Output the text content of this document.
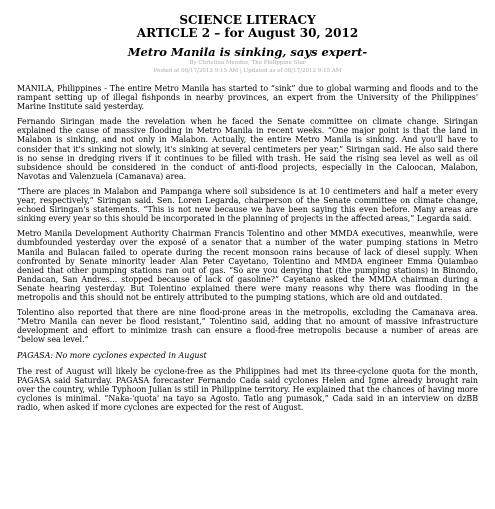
SCIENCE LITERACY
ARTICLE 2 – for August 30, 2012
Metro Manila is sinking, says expert-
By Christina Mendez, The Philippine Star
Posted at 08/17/2012 9:15 AM | Updated as of 08/17/2012 9:15 AM

MANILA, Philippines - The entire Metro Manila has started to “sink” due to global warming and floods and to the rampant setting up of illegal fishponds in nearby provinces, an expert from the University of the Philippines' Marine Institute said yesterday.

Fernando Siringan made the revelation when he faced the Senate committee on climate change. Siringan explained the cause of massive flooding in Metro Manila in recent weeks. “One major point is that the land in Malabon is sinking, and not only in Malabon. Actually, the entire Metro Manila is sinking. And you'll have to consider that it's sinking not slowly, it's sinking at several centimeters per year,” Siringan said. He also said there is no sense in dredging rivers if it continues to be filled with trash. He said the rising sea level as well as oil subsidence should be considered in the conduct of anti-flood projects, especially in the Caloocan, Malabon, Navotas and Valenzuela (Camanava) area.

“There are places in Malabon and Pampanga where soil subsidence is at 10 centimeters and half a meter every year, respectively,” Siringan said. Sen. Loren Legarda, chairperson of the Senate committee on climate change, echoed Siringan's statements. “This is not new because we have been saying this even before. Many areas are sinking every year so this should be incorporated in the planning of projects in the affected areas,” Legarda said.

Metro Manila Development Authority Chairman Francis Tolentino and other MMDA executives, meanwhile, were dumbfounded yesterday over the exposé of a senator that a number of the water pumping stations in Metro Manila and Bulacan failed to operate during the recent monsoon rains because of lack of diesel supply. When confronted by Senate minority leader Alan Peter Cayetano, Tolentino and MMDA engineer Emma Quiambao denied that other pumping stations ran out of gas. “So are you denying that (the pumping stations) in Binondo, Pandacan, San Andres... stopped because of lack of gasoline?” Cayetano asked the MMDA chairman during a Senate hearing yesterday. But Tolentino explained there were many reasons why there was flooding in the metropolis and this should not be entirely attributed to the pumping stations, which are old and outdated.

Tolentino also reported that there are nine flood-prone areas in the metropolis, excluding the Camanava area. “Metro Manila can never be flood resistant,” Tolentino said, adding that no amount of massive infrastructure development and effort to minimize trash can ensure a flood-free metropolis because a number of areas are “below sea level.”

PAGASA: No more cyclones expected in August

The rest of August will likely be cyclone-free as the Philippines had met its three-cyclone quota for the month, PAGASA said Saturday. PAGASA forecaster Fernando Cada said cyclones Helen and Igme already brought rain over the country, while Typhoon Julian is still in Philippine territory. He explained that the chances of having more cyclones is minimal. “Naka-'quota' na tayo sa Agosto. Tatlo ang pumasok,” Cada said in an interview on dzBB radio, when asked if more cyclones are expected for the rest of August.
